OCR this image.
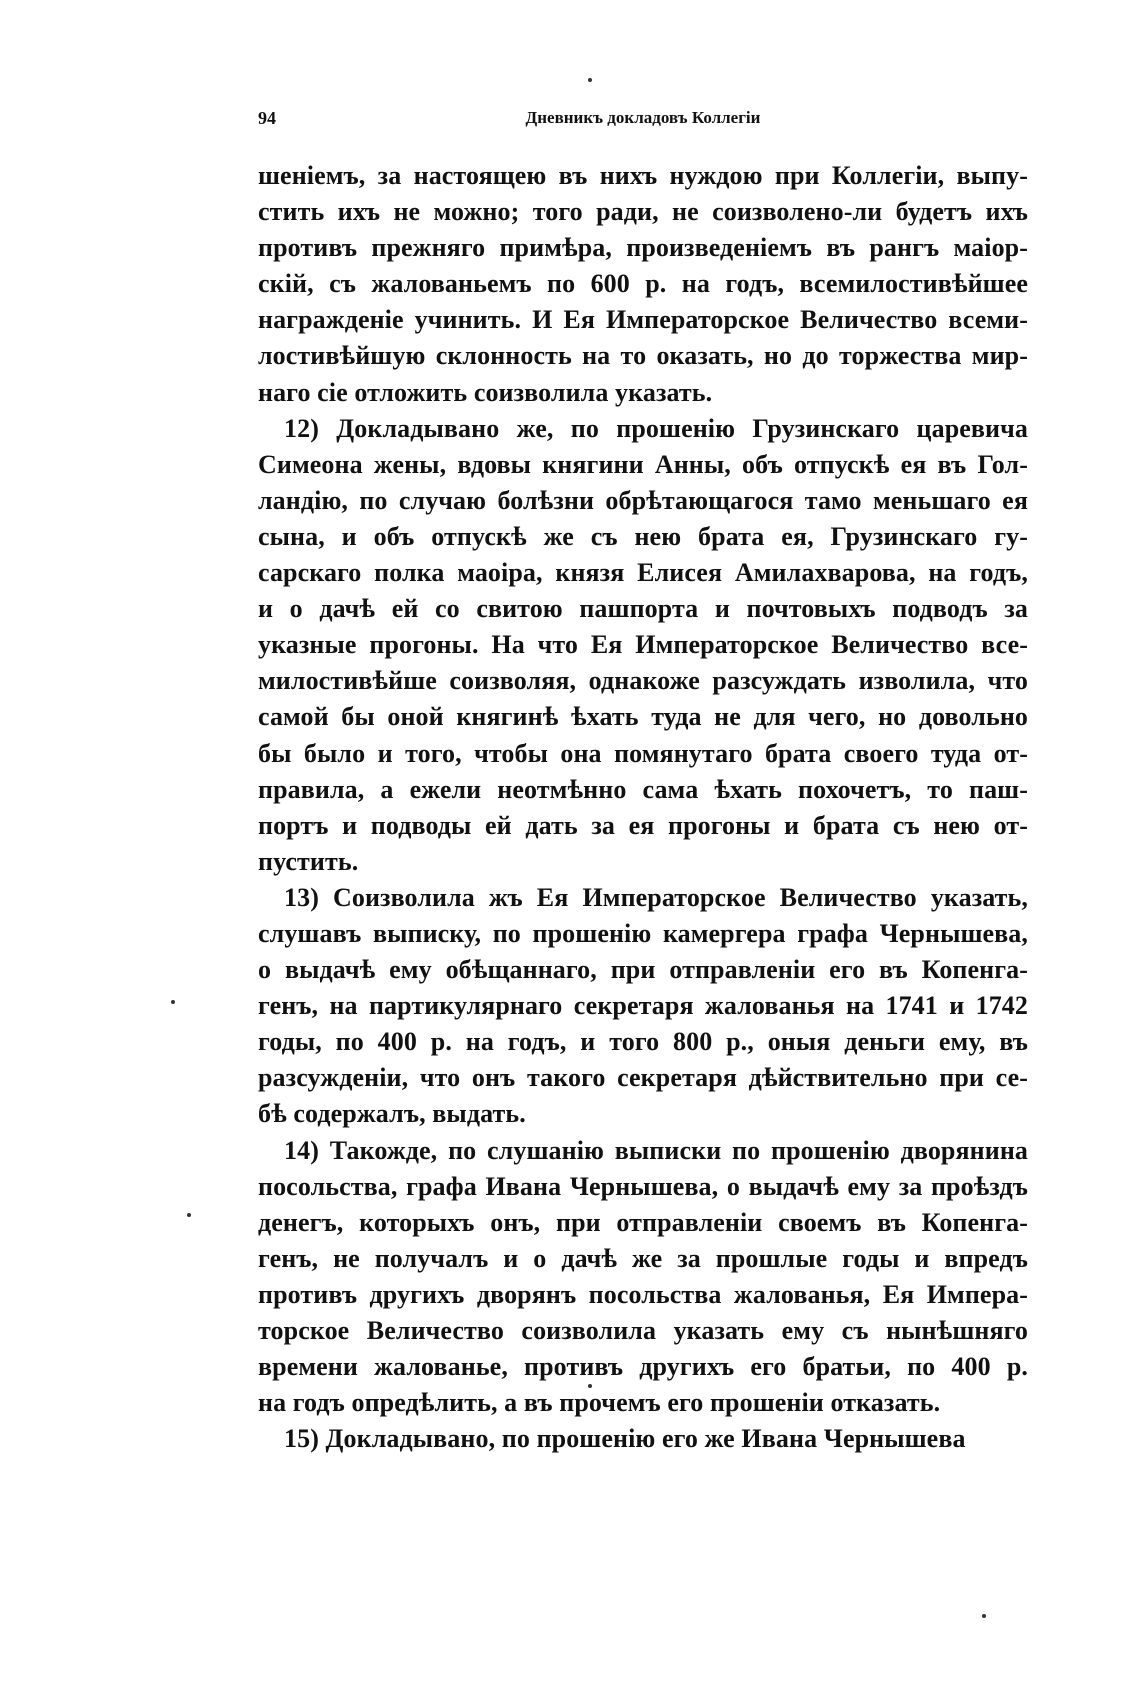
94	Дневникъ докладовъ Коллегіи
шеніемъ, за настоящею въ нихъ нуждою при Коллегіи, выпу-
стить ихъ не можно; того ради, не соизволено-ли будетъ ихъ
противъ прежняго примѣра, произведеніемъ въ рангъ маіор-
скій, съ жалованьемъ по 600 р. на годъ, всемилостивѣйшее
награжденіе учинить. И Ея Императорское Величество всеми-
лостивѣйшую склонность на то оказать, но до торжества мир-
наго сіе отложить соизволила указать.
12) Докладывано же, по прошенію Грузинскаго царевича
Симеона жены, вдовы княгини Анны, объ отпускѣ ея въ Гол-
ландію, по случаю болѣзни обрѣтающагося тамо меньшаго ея
сына, и объ отпускѣ же съ нею брата ея, Грузинскаго гу-
сарскаго полка маоіра, князя Елисея Амилахварова, на годъ,
и о дачѣ ей со свитою пашпорта и почтовыхъ подводъ за
указные прогоны. На что Ея Императорское Величество все-
милостивѣйше соизволяя, однакоже разсуждать изволила, что
самой бы оной княгинѣ ѣхать туда не для чего, но довольно
бы было и того, чтобы она помянутаго брата своего туда от-
правила, а ежели неотмѣнно сама ѣхать похочетъ, то паш-
портъ и подводы ей дать за ея прогоны и брата съ нею от-
пустить.
13) Соизволила жъ Ея Императорское Величество указать,
слушавъ выписку, по прошенію камергера графа Чернышева,
о выдачѣ ему обѣщаннаго, при отправленіи его въ Копенга-
генъ, на партикулярнаго секретаря жалованья на 1741 и 1742
годы, по 400 р. на годъ, и того 800 р., оныя деньги ему, въ
разсужденіи, что онъ такого секретаря дѣйствительно при се-
бѣ содержалъ, выдать.
14) Такожде, по слушанію выписки по прошенію дворянина
посольства, графа Ивана Чернышева, о выдачѣ ему за проѣздъ
денегъ, которыхъ онъ, при отправленіи своемъ въ Копенга-
генъ, не получалъ и о дачѣ же за прошлые годы и впредъ
противъ другихъ дворянъ посольства жалованья, Ея Импера-
торское Величество соизволила указать ему съ нынѣшняго
времени жалованье, противъ другихъ его братьи, по 400 р.
на годъ опредѣлить, а въ прочемъ его прошеніи отказать.
15) Докладывано, по прошенію его же Ивана Чернышева
